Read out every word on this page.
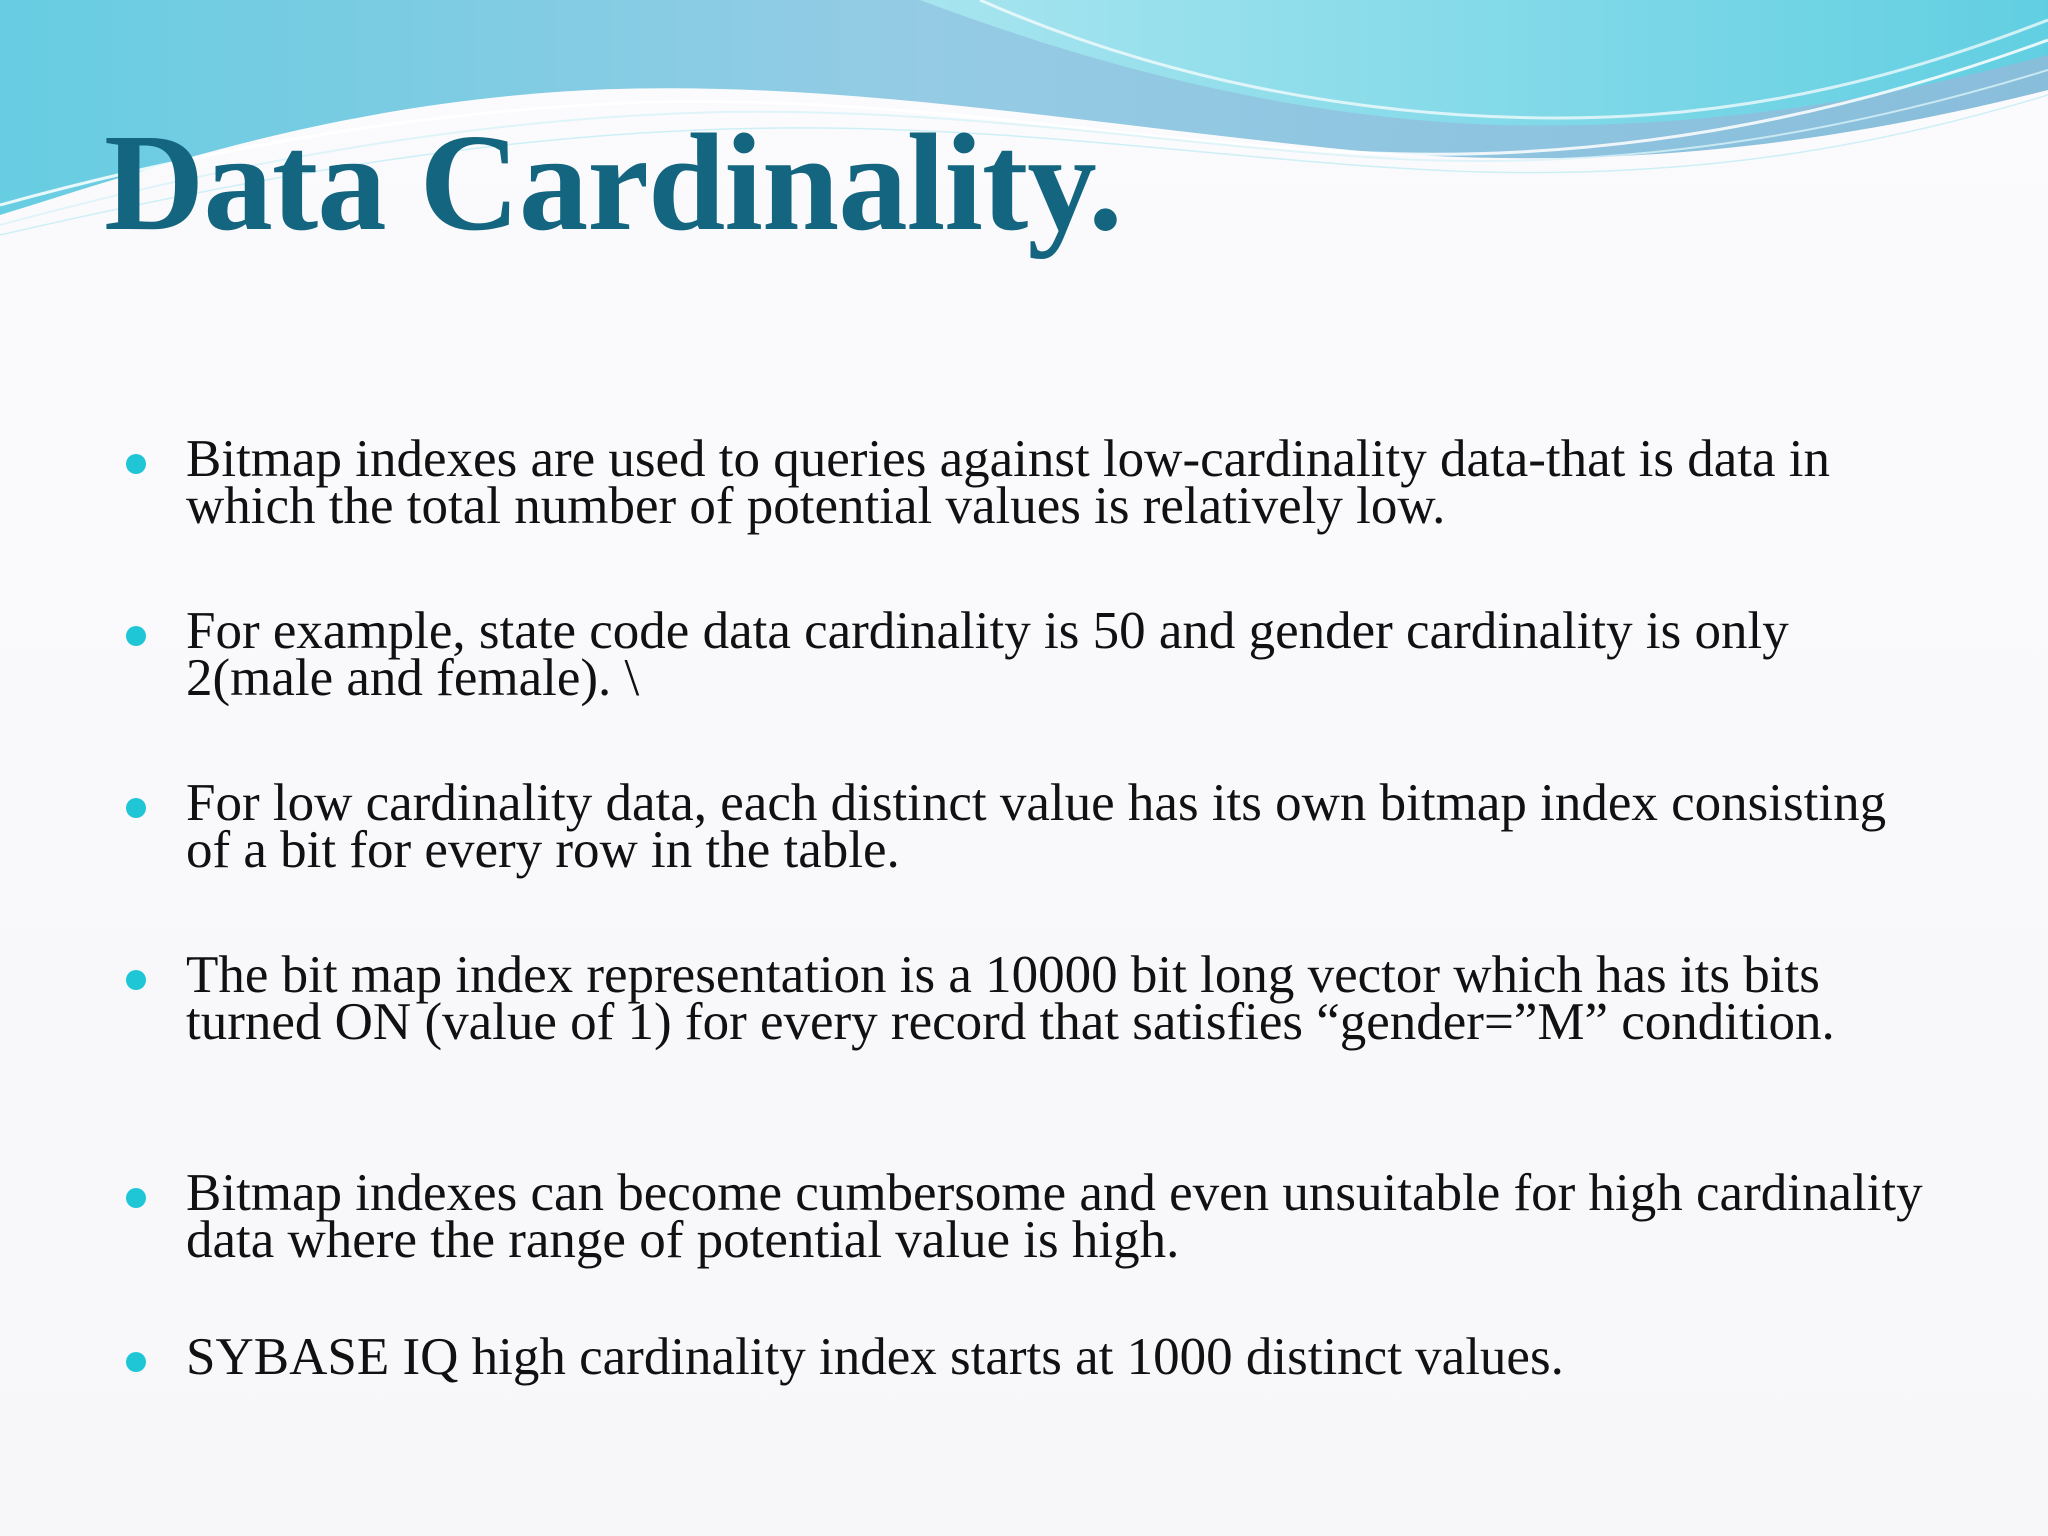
Data Cardinality.
Bitmap indexes are used to queries against low-cardinality data-that is data in which the total number of potential values is relatively low.
For example, state code data cardinality is 50 and gender cardinality is only 2(male and female). \
For low cardinality data, each distinct value has its own bitmap index consisting of a bit for every row in the table.
The bit map index representation is a 10000 bit long vector which has its bits turned ON (value of 1) for every record that satisfies “gender=”M” condition.
Bitmap indexes can become cumbersome and even unsuitable for high cardinality data where the range of potential value is high.
SYBASE IQ high cardinality index starts at 1000 distinct values.
